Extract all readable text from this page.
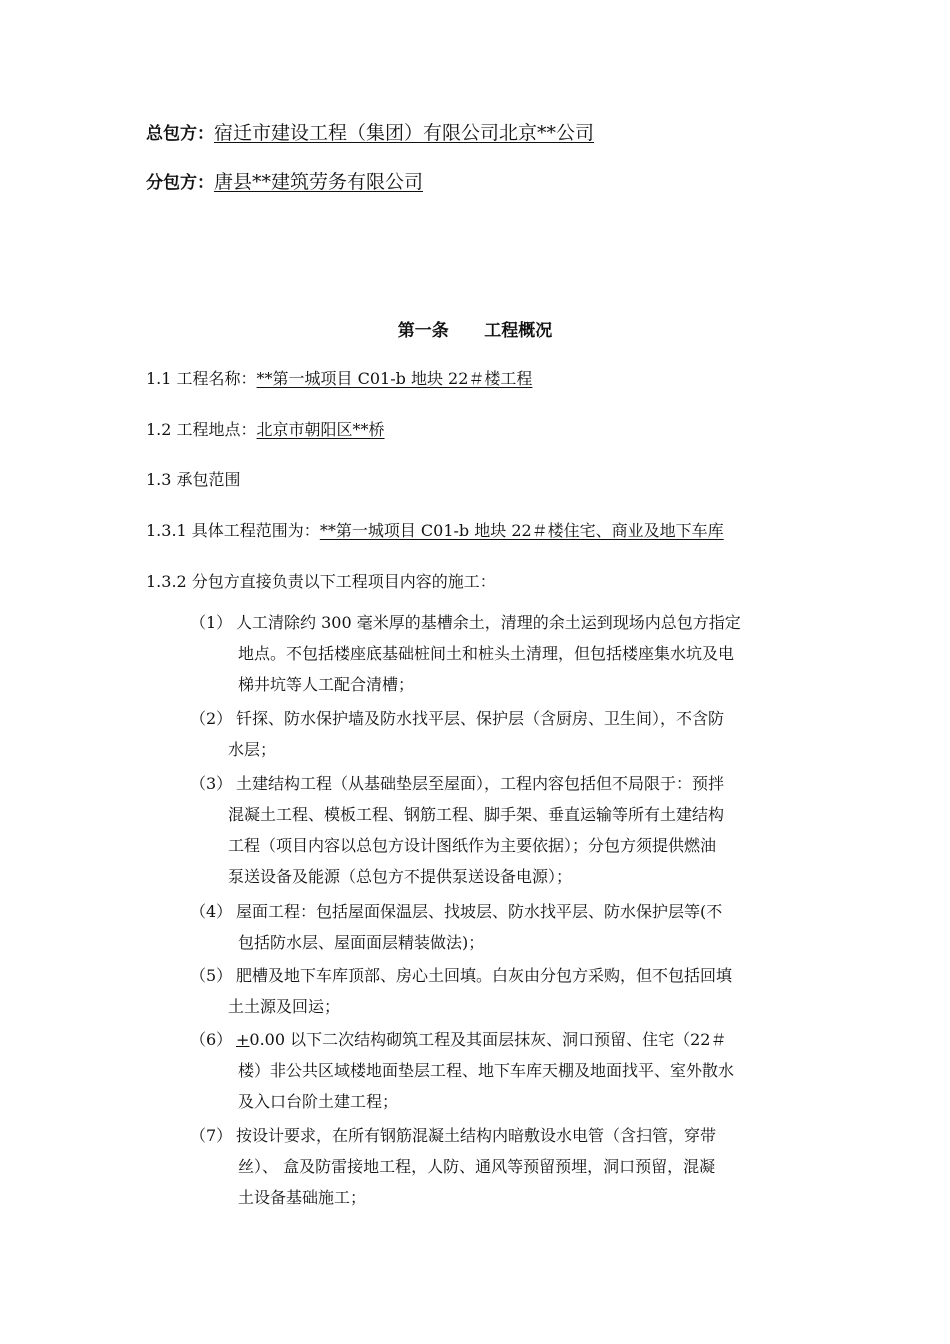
总包方：宿迁市建设工程（集团）有限公司北京**公司
分包方：唐县**建筑劳务有限公司
第一条      工程概况
1.1 工程名称：**第一城项目 C01-b 地块 22＃楼工程
1.2 工程地点：北京市朝阳区**桥
1.3 承包范围
1.3.1 具体工程范围为：**第一城项目 C01-b 地块 22＃楼住宅、商业及地下车库
1.3.2 分包方直接负责以下工程项目内容的施工：
（1） 人工清除约 300 毫米厚的基槽余土，清理的余土运到现场内总包方指定
地点。不包括楼座底基础桩间土和桩头土清理，但包括楼座集水坑及电
梯井坑等人工配合清槽；
（2） 钎探、防水保护墙及防水找平层、保护层（含厨房、卫生间），不含防
水层；
（3） 土建结构工程（从基础垫层至屋面），工程内容包括但不局限于：预拌
混凝土工程、模板工程、钢筋工程、脚手架、垂直运输等所有土建结构
工程（项目内容以总包方设计图纸作为主要依据）；分包方须提供燃油
泵送设备及能源（总包方不提供泵送设备电源）；
（4） 屋面工程：包括屋面保温层、找坡层、防水找平层、防水保护层等(不
包括防水层、屋面面层精装做法)；
（5） 肥槽及地下车库顶部、房心土回填。白灰由分包方采购，但不包括回填
土土源及回运；
（6） +0.00 以下二次结构砌筑工程及其面层抹灰、洞口预留、住宅（22＃
楼）非公共区域楼地面垫层工程、地下车库天棚及地面找平、室外散水
及入口台阶土建工程；
（7） 按设计要求，在所有钢筋混凝土结构内暗敷设水电管（含扫管，穿带
丝）、 盒及防雷接地工程，人防、通风等预留预埋，洞口预留，混凝
土设备基础施工；
